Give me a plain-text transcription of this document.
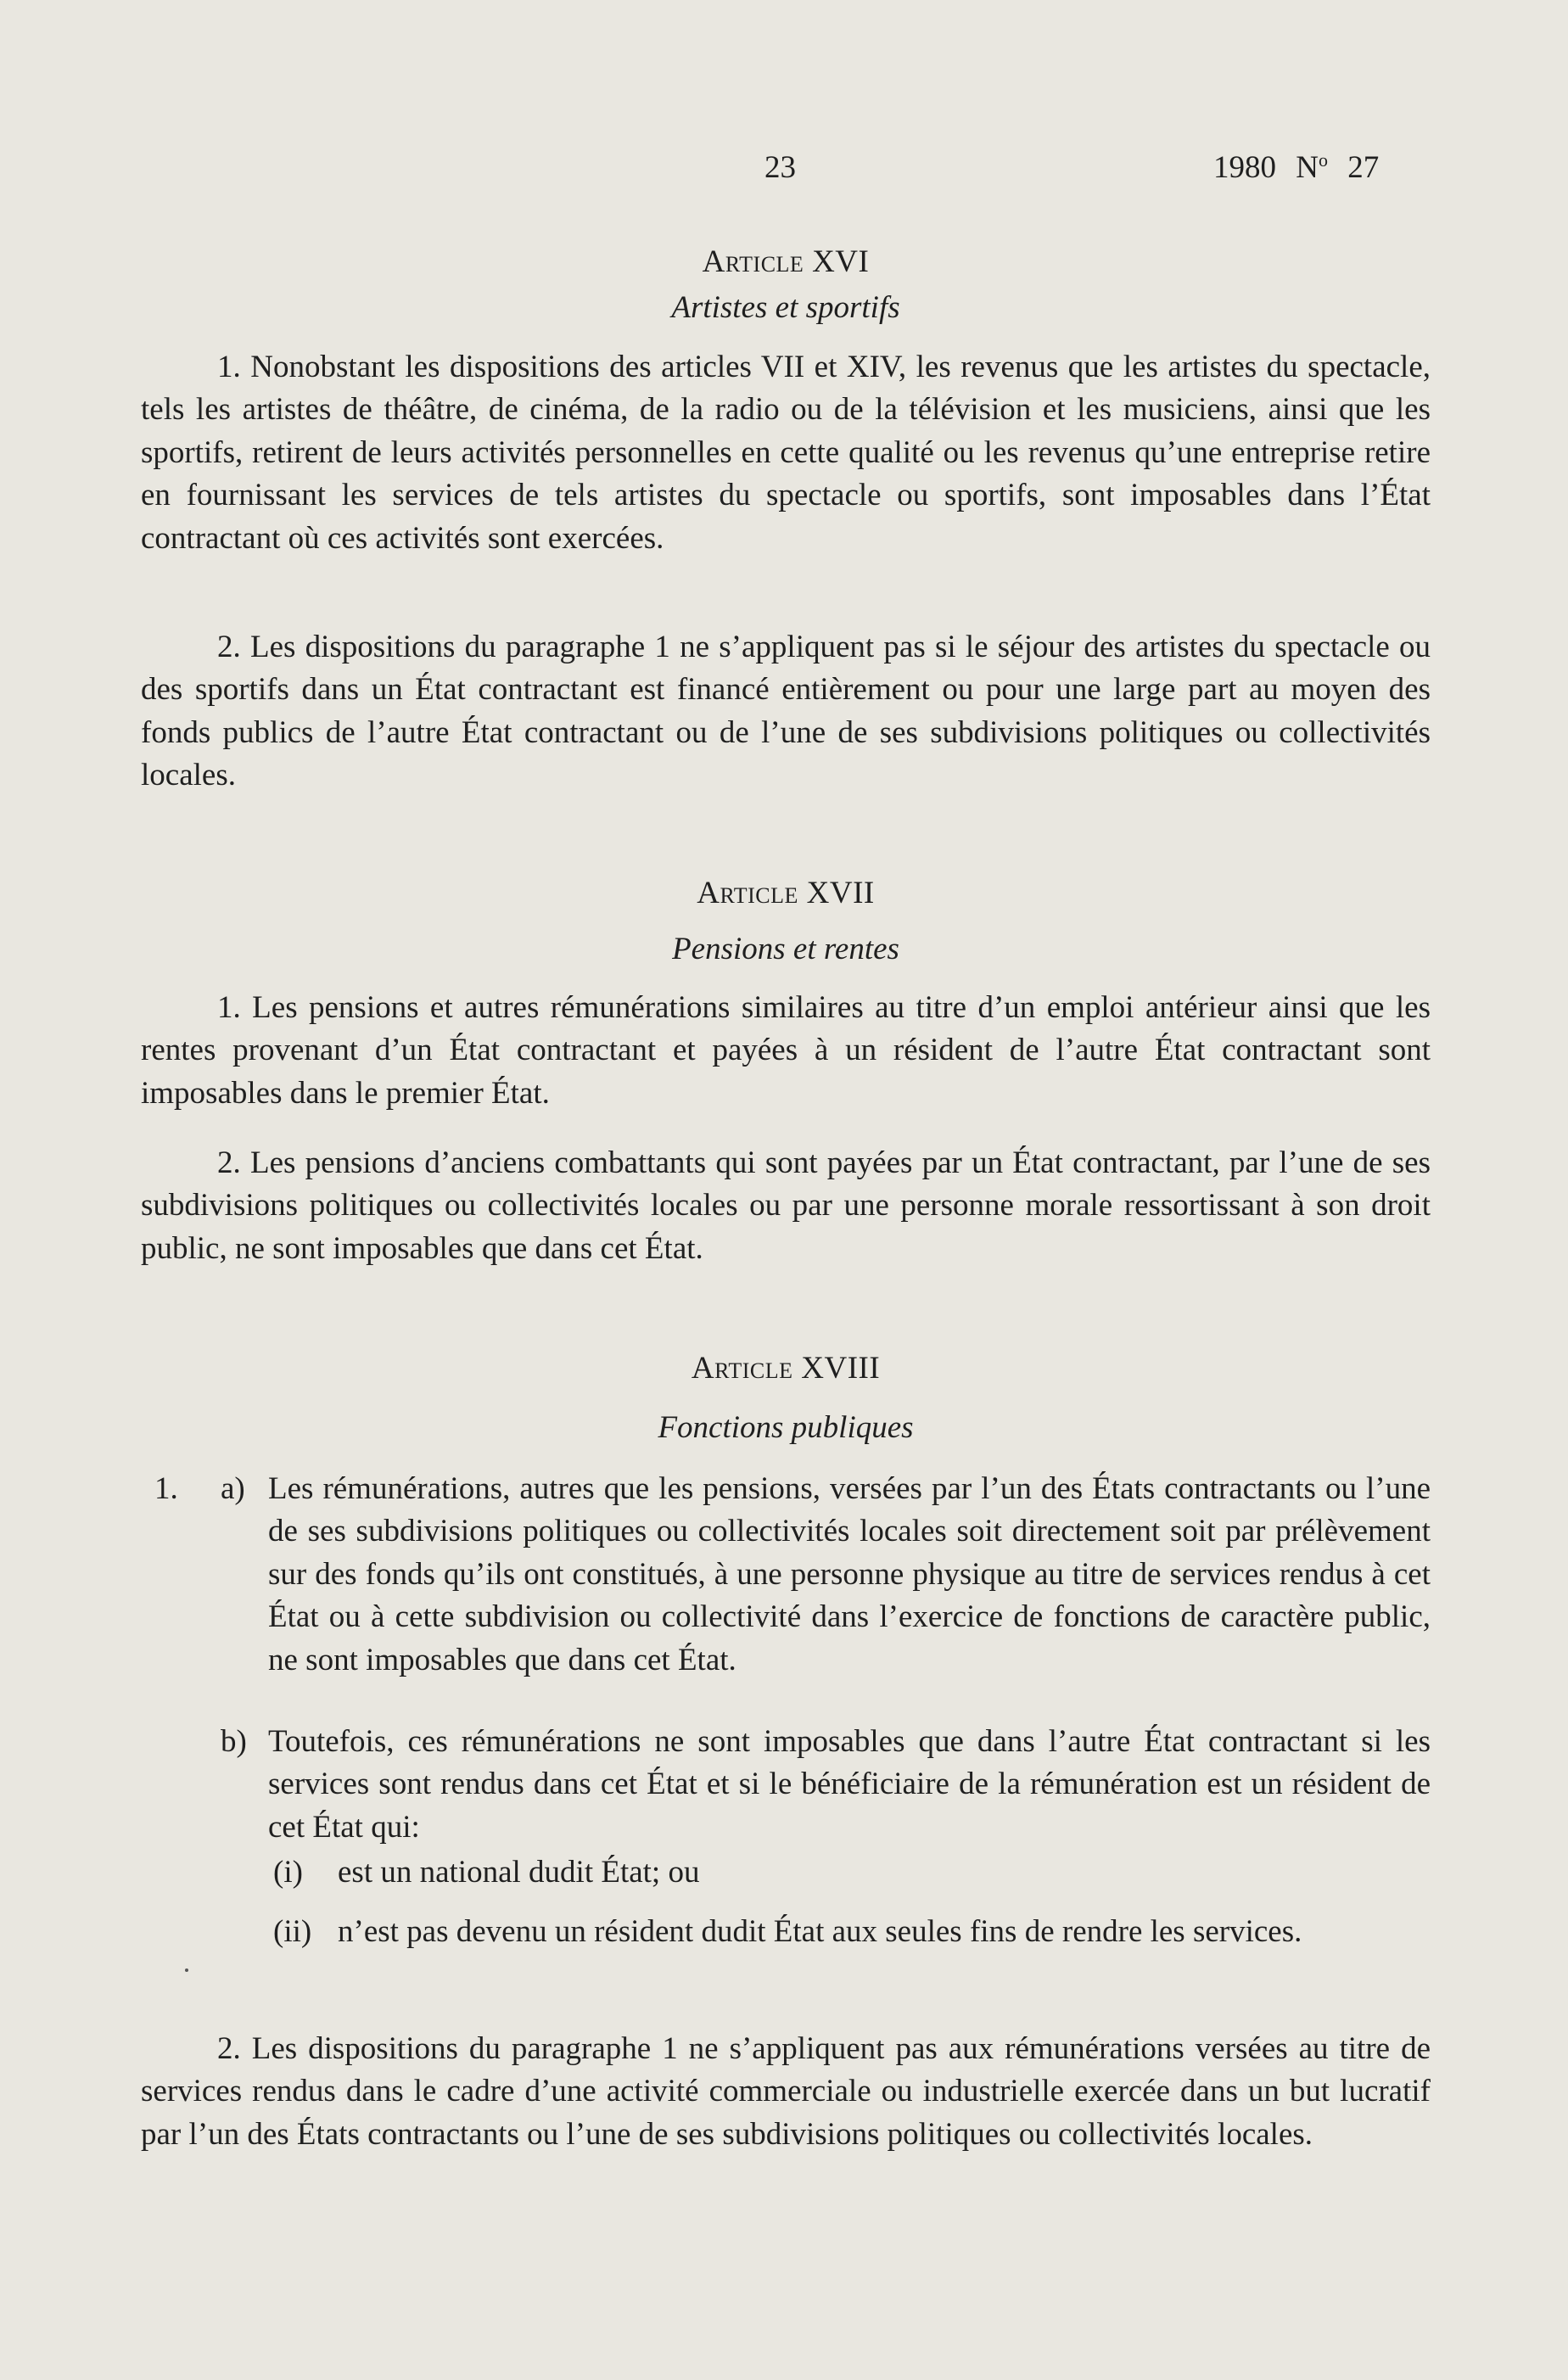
23	1980 $N^o$ 27
Article XVI
Artistes et sportifs

1. Nonobstant les dispositions des articles VII et XIV, les revenus que les artistes du spectacle, tels les artistes de théâtre, de cinéma, de la radio ou de la télévision et les musiciens, ainsi que les sportifs, retirent de leurs activités personnelles en cette qualité ou les revenus qu’une entreprise retire en fournissant les services de tels artistes du spectacle ou sportifs, sont imposables dans l’État contractant où ces activités sont exercées.

2. Les dispositions du paragraphe 1 ne s’appliquent pas si le séjour des artistes du spectacle ou des sportifs dans un État contractant est financé entièrement ou pour une large part au moyen des fonds publics de l’autre État contractant ou de l’une de ses subdivisions politiques ou collectivités locales.

Article XVII
Pensions et rentes

1. Les pensions et autres rémunérations similaires au titre d’un emploi antérieur ainsi que les rentes provenant d’un État contractant et payées à un résident de l’autre État contractant sont imposables dans le premier État.

2. Les pensions d’anciens combattants qui sont payées par un État contractant, par l’une de ses subdivisions politiques ou collectivités locales ou par une personne morale ressortissant à son droit public, ne sont imposables que dans cet État.

Article XVIII
Fonctions publiques
1. a) Les rémunérations, autres que les pensions, versées par l’un des États contractants ou l’une de ses subdivisions politiques ou collectivités locales soit directement soit par prélèvement sur des fonds qu’ils ont constitués, à une personne physique au titre de services rendus à cet État ou à cette subdivision ou collectivité dans l’exercice de fonctions de caractère public, ne sont imposables que dans cet État.

b) Toutefois, ces rémunérations ne sont imposables que dans l’autre État contractant si les services sont rendus dans cet État et si le bénéficiaire de la rémunération est un résident de cet État qui:

(i) est un national dudit État; ou

(ii) n’est pas devenu un résident dudit État aux seules fins de rendre les services.

2. Les dispositions du paragraphe 1 ne s’appliquent pas aux rémunérations versées au titre de services rendus dans le cadre d’une activité commerciale ou industrielle exercée dans un but lucratif par l’un des États contractants ou l’une de ses subdivisions politiques ou collectivités locales.
